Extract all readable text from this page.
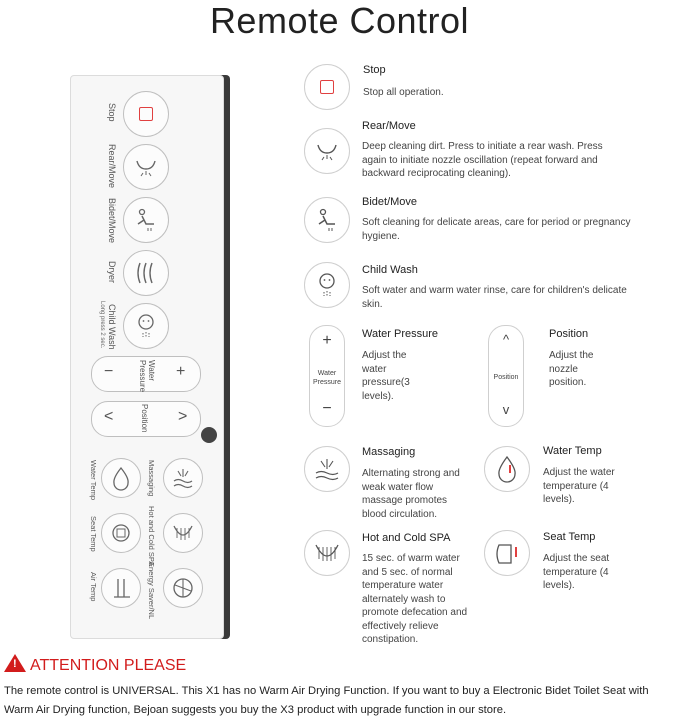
Remote Control
Stop
Rear/Move
Bidet/Move
Dryer
Child Wash
Long press 2 sec.
−	Water Pressure	+
<	Position >
Water Temp	Massaging
Seat Temp	Hot and Cold SPA
Air Temp	Energy Saver/NL
Stop
Stop all operation.
Rear/Move
Deep cleaning dirt. Press to initiate a rear wash. Press again to initiate nozzle oscillation (repeat forward and backward reciprocating cleaning).
Bidet/Move
Soft cleaning for delicate areas, care for period or pregnancy hygiene.
Child Wash
Soft water and warm water rinse, care for children's delicate skin.
+
Water Pressure
−
Water Pressure
Adjust the water pressure(3 levels).
^
Position
v
Position
Adjust the nozzle position.
Massaging
Alternating strong and weak water flow massage promotes blood circulation.
Water Temp
Adjust the water temperature (4 levels).
Hot and Cold SPA
15 sec. of warm water and 5 sec. of normal temperature water alternately wash to promote defecation and effectively relieve constipation.
Seat Temp
Adjust the seat temperature (4 levels).
! ATTENTION PLEASE
The remote control is UNIVERSAL. This X1 has no Warm Air Drying Function. If you want to buy a Electronic Bidet Toilet Seat with Warm Air Drying function, Bejoan suggests you buy the X3 product with upgrade function in our store.
